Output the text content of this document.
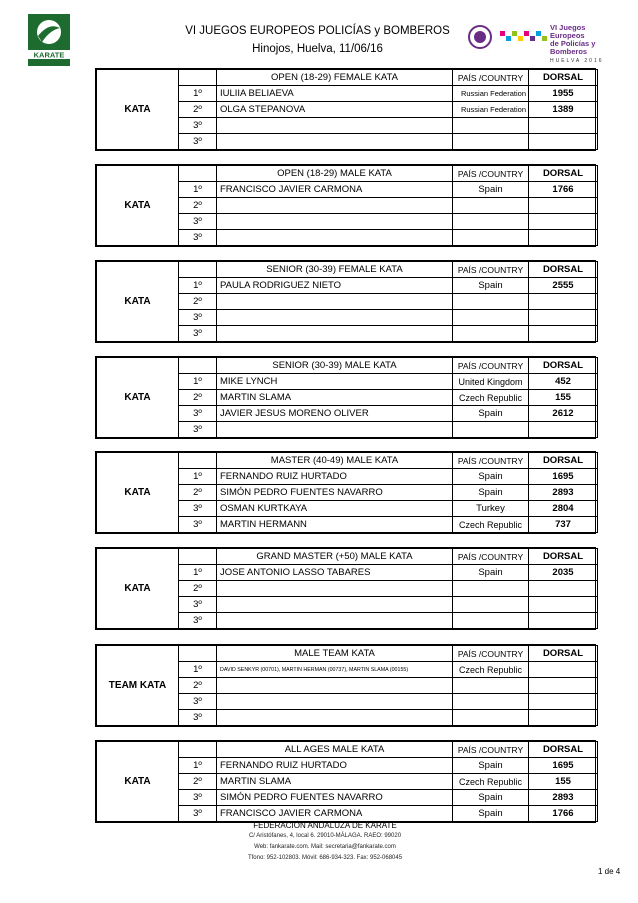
KARATE
VI JUEGOS EUROPEOS POLICÍAS y BOMBEROS
Hinojos, Huelva, 11/06/16
VI Juegos Europeos
de Policías y Bomberos
HUELVA 2016
KATA		OPEN (18-29) FEMALE KATA	PAÍS /COUNTRY	DORSAL
	1º	IULIIA BELIAEVA	Russian Federation	1955
	2º	OLGA STEPANOVA	Russian Federation	1389
	3º			
	3º			
KATA		OPEN (18-29) MALE KATA	PAÍS /COUNTRY	DORSAL
	1º	FRANCISCO JAVIER CARMONA	Spain	1766
	2º			
	3º			
	3º			
KATA		SENIOR (30-39) FEMALE KATA	PAÍS /COUNTRY	DORSAL
	1º	PAULA RODRIGUEZ NIETO	Spain	2555
	2º			
	3º			
	3º			
KATA		SENIOR (30-39) MALE KATA	PAÍS /COUNTRY	DORSAL
	1º	MIKE LYNCH	United Kingdom	452
	2º	MARTIN SLAMA	Czech Republic	155
	3º	JAVIER JESUS MORENO OLIVER	Spain	2612
	3º			
KATA		MASTER (40-49) MALE KATA	PAÍS /COUNTRY	DORSAL
	1º	FERNANDO RUIZ HURTADO	Spain	1695
	2º	SIMÓN PEDRO FUENTES NAVARRO	Spain	2893
	3º	OSMAN KURTKAYA	Turkey	2804
	3º	MARTIN HERMANN	Czech Republic	737
KATA		GRAND MASTER (+50) MALE KATA	PAÍS /COUNTRY	DORSAL
	1º	JOSE ANTONIO LASSO TABARES	Spain	2035
	2º			
	3º			
	3º			
TEAM KATA		MALE TEAM KATA	PAÍS /COUNTRY	DORSAL
	1º	DAVID SENKYR (00701), MARTIN HERMAN (00737), MARTIN SLAMA (00155)	Czech Republic	
	2º			
	3º			
	3º			
KATA		ALL AGES MALE KATA	PAÍS /COUNTRY	DORSAL
	1º	FERNANDO RUIZ HURTADO	Spain	1695
	2º	MARTIN SLAMA	Czech Republic	155
	3º	SIMÓN PEDRO FUENTES NAVARRO	Spain	2893
	3º	FRANCISCO JAVIER CARMONA	Spain	1766
FEDERACIÓN ANDALUZA DE KARATE
C/ Aristófanes, 4, local 6. 29010-MÁLAGA. RAEO: 99020
Web: fankarate.com. Mail: secretaria@fankarate.com
Tfono: 952-102803. Móvil: 686-934-323. Fax: 952-068045
1 de 4
